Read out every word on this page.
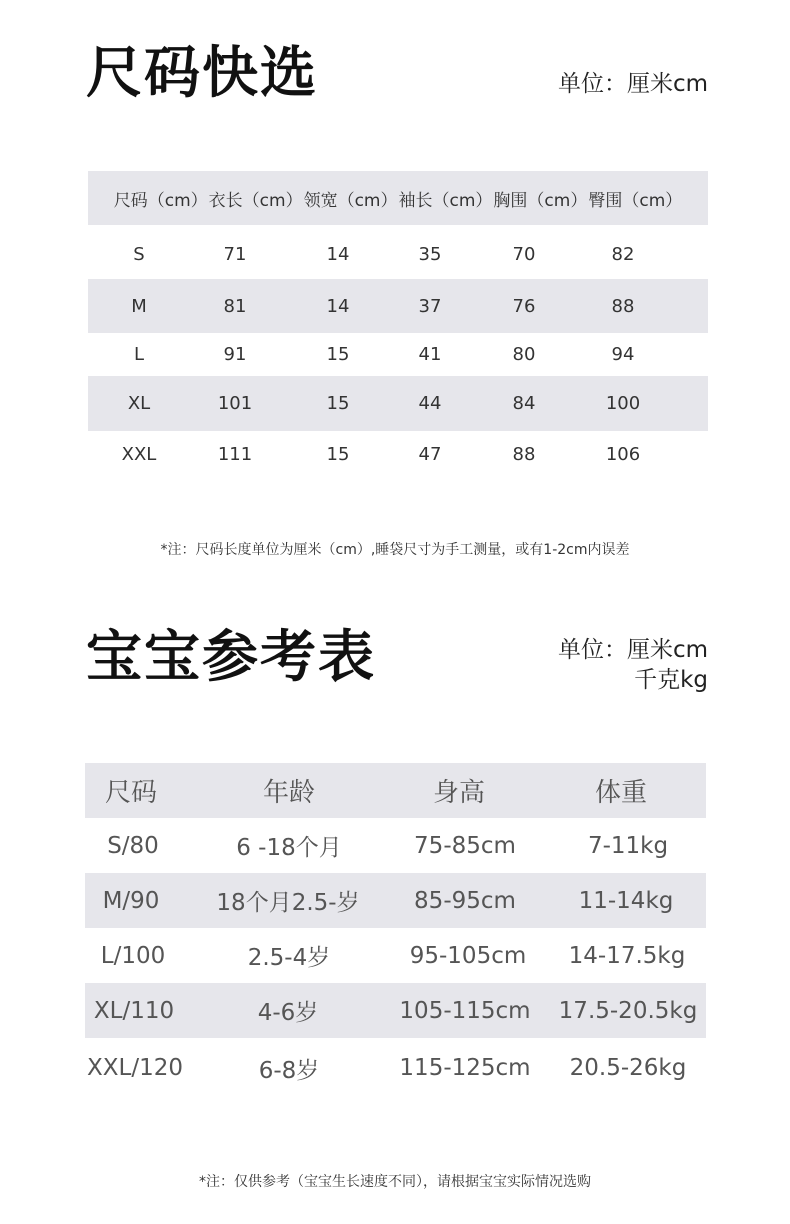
尺码快选	单位：厘米cm
尺码（cm） 衣长（cm） 领宽（cm） 袖长（cm） 胸围（cm） 臀围（cm）
S	71	14	35	70	82
M	81	14	37	76	88
L	91	15	41	80	94
XL	101	15	44	84	100
XXL	111	15	47	88	106
*注：尺码长度单位为厘米（cm）,睡袋尺寸为手工测量，或有1-2cm内误差
宝宝参考表	单位：厘米cm
千克kg
尺码	年龄	身高	体重
S/80	6 -18个月	75-85cm	7-11kg
M/90	18个月2.5-岁	85-95cm	11-14kg
L/100	2.5-4岁	95-105cm	14-17.5kg
XL/110	4-6岁	105-115cm	17.5-20.5kg
XXL/120	6-8岁	115-125cm	20.5-26kg
*注：仅供参考（宝宝生长速度不同），请根据宝宝实际情况选购
